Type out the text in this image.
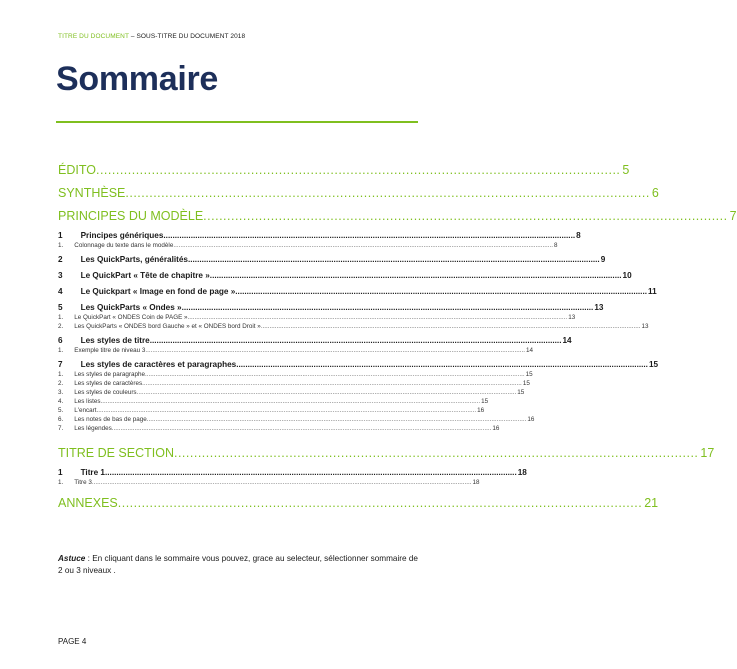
TITRE DU DOCUMENT – SOUS-TITRE DU DOCUMENT 2018
Sommaire
ÉDITO .................................................................................................................................... 5
SYNTHÈSE .................................................................................................................................... 6
PRINCIPES DU MODÈLE .................................................................................................................................... 7
1	Principes génériques ..................................................................................................................................................................................... 8
1.	Colonnage du texte dans le modèle ......................................................................................................................................................................................................................... 8
2	Les QuickParts, généralités ..................................................................................................................................................................................... 9
3	Le QuickPart « Tête de chapitre » ..................................................................................................................................................................................... 10
4	Le Quickpart « Image en fond de page » ..................................................................................................................................................................................... 11
5	Les QuickParts « Ondes » ..................................................................................................................................................................................... 13
1.	Le QuickPart « ONDES Coin de PAGE » ......................................................................................................................................................................................................................... 13
2.	Les QuickParts « ONDES bord Gauche » et « ONDES bord Droit » ......................................................................................................................................................................................................................... 13
6	Les styles de titre ..................................................................................................................................................................................... 14
1.	Exemple titre de niveau 3 ......................................................................................................................................................................................................................... 14
7	Les styles de caractères et paragraphes ..................................................................................................................................................................................... 15
1.	Les styles de paragraphe ......................................................................................................................................................................................................................... 15
2.	Les styles de caractères ......................................................................................................................................................................................................................... 15
3.	Les styles de couleurs ......................................................................................................................................................................................................................... 15
4.	Les listes ......................................................................................................................................................................................................................... 15
5.	L'encart ......................................................................................................................................................................................................................... 16
6.	Les notes de bas de page ......................................................................................................................................................................................................................... 16
7.	Les légendes ......................................................................................................................................................................................................................... 16
TITRE DE SECTION .................................................................................................................................... 17
1	Titre 1 ..................................................................................................................................................................................... 18
1.	Titre 3 ......................................................................................................................................................................................................................... 18
ANNEXES .................................................................................................................................... 21
Astuce : En cliquant dans le sommaire vous pouvez, grace au selecteur, sélectionner sommaire de 2 ou 3 niveaux .
PAGE 4
